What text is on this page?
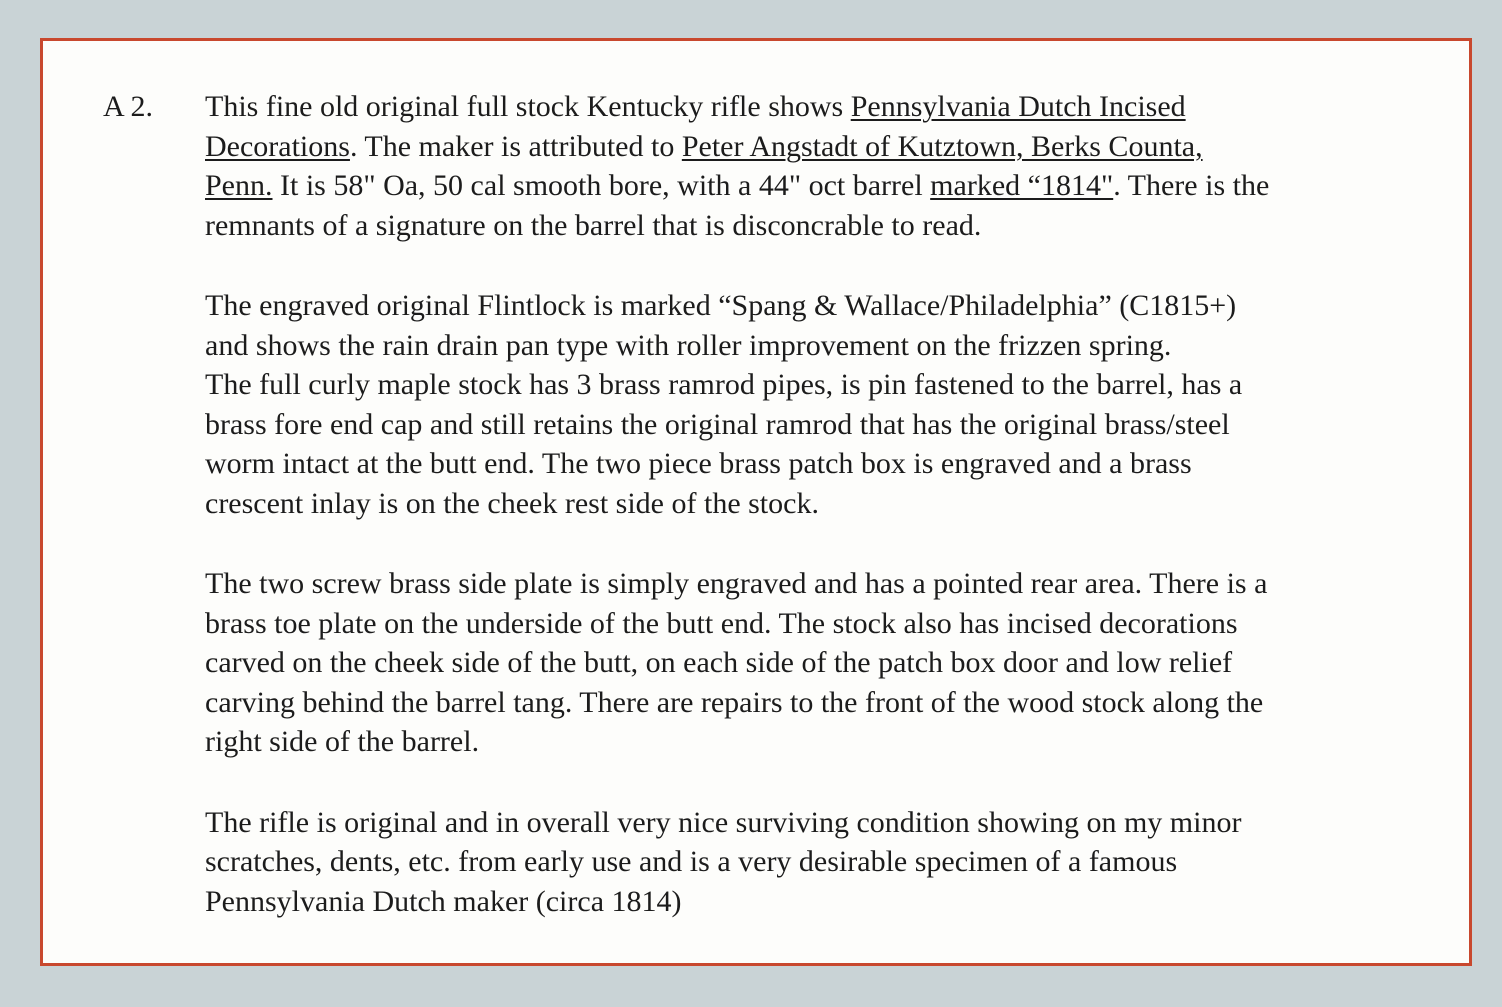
A 2. This fine old original full stock Kentucky rifle shows Pennsylvania Dutch Incised
Decorations. The maker is attributed to Peter Angstadt of Kutztown, Berks Counta,
Penn. It is 58" Oa, 50 cal smooth bore, with a 44" oct barrel marked “1814". There is the
remnants of a signature on the barrel that is disconcrable to read.
The engraved original Flintlock is marked “Spang & Wallace/Philadelphia” (C1815+)
and shows the rain drain pan type with roller improvement on the frizzen spring.
The full curly maple stock has 3 brass ramrod pipes, is pin fastened to the barrel, has a
brass fore end cap and still retains the original ramrod that has the original brass/steel
worm intact at the butt end. The two piece brass patch box is engraved and a brass
crescent inlay is on the cheek rest side of the stock.
The two screw brass side plate is simply engraved and has a pointed rear area. There is a
brass toe plate on the underside of the butt end. The stock also has incised decorations
carved on the cheek side of the butt, on each side of the patch box door and low relief
carving behind the barrel tang. There are repairs to the front of the wood stock along the
right side of the barrel.
The rifle is original and in overall very nice surviving condition showing on my minor
scratches, dents, etc. from early use and is a very desirable specimen of a famous
Pennsylvania Dutch maker (circa 1814)
